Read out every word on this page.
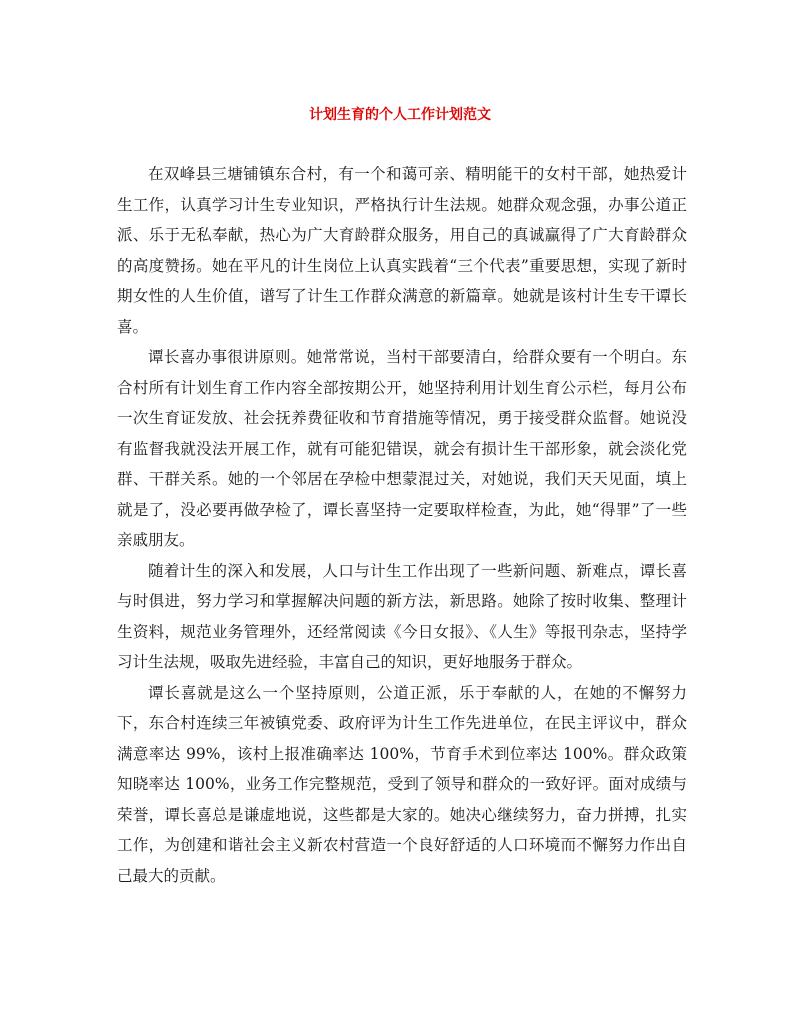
计划生育的个人工作计划范文

在双峰县三塘铺镇东合村，有一个和蔼可亲、精明能干的女村干部，她热爱计生工作，认真学习计生专业知识，严格执行计生法规。她群众观念强，办事公道正派、乐于无私奉献，热心为广大育龄群众服务，用自己的真诚赢得了广大育龄群众的高度赞扬。她在平凡的计生岗位上认真实践着“三个代表”重要思想，实现了新时期女性的人生价值，谱写了计生工作群众满意的新篇章。她就是该村计生专干谭长喜。

谭长喜办事很讲原则。她常常说，当村干部要清白，给群众要有一个明白。东合村所有计划生育工作内容全部按期公开，她坚持利用计划生育公示栏，每月公布一次生育证发放、社会抚养费征收和节育措施等情况，勇于接受群众监督。她说没有监督我就没法开展工作，就有可能犯错误，就会有损计生干部形象，就会淡化党群、干群关系。她的一个邻居在孕检中想蒙混过关，对她说，我们天天见面，填上就是了，没必要再做孕检了，谭长喜坚持一定要取样检查，为此，她“得罪”了一些亲戚朋友。

随着计生的深入和发展，人口与计生工作出现了一些新问题、新难点，谭长喜与时俱进，努力学习和掌握解决问题的新方法，新思路。她除了按时收集、整理计生资料，规范业务管理外，还经常阅读《今日女报》、《人生》等报刊杂志，坚持学习计生法规，吸取先进经验，丰富自己的知识，更好地服务于群众。

谭长喜就是这么一个坚持原则，公道正派，乐于奉献的人，在她的不懈努力下，东合村连续三年被镇党委、政府评为计生工作先进单位，在民主评议中，群众满意率达 99%，该村上报准确率达 100%，节育手术到位率达 100%。群众政策知晓率达 100%，业务工作完整规范，受到了领导和群众的一致好评。面对成绩与荣誉，谭长喜总是谦虚地说，这些都是大家的。她决心继续努力，奋力拼搏，扎实工作，为创建和谐社会主义新农村营造一个良好舒适的人口环境而不懈努力作出自己最大的贡献。
